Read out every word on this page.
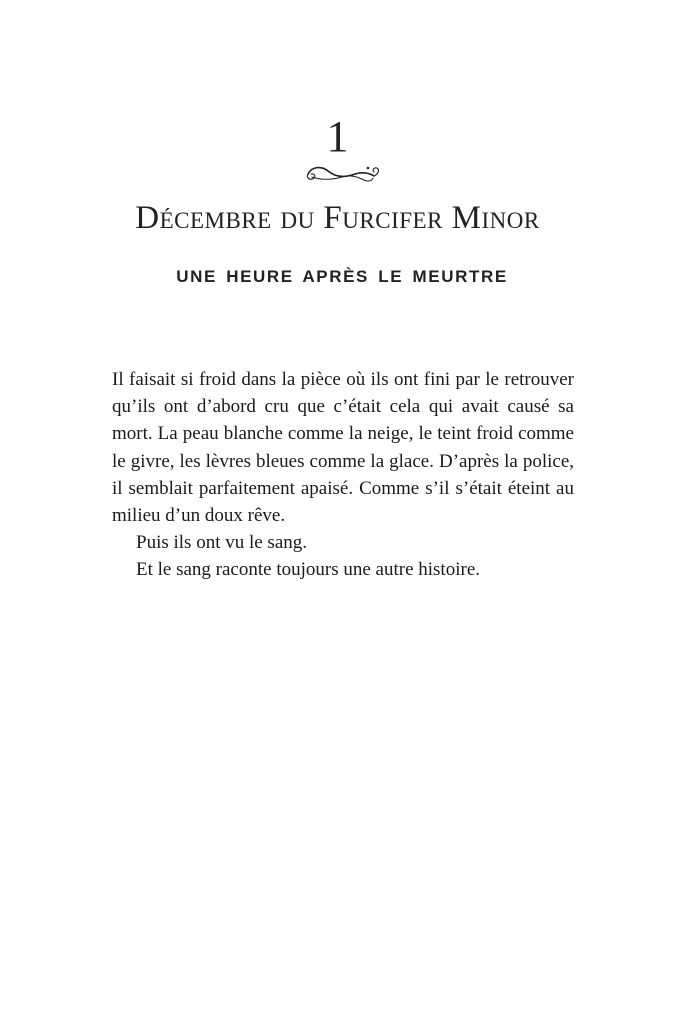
1
Décembre du Furcifer Minor
UNE HEURE APRÈS LE MEURTRE

Il faisait si froid dans la pièce où ils ont fini par le retrouver qu’ils ont d’abord cru que c’était cela qui avait causé sa mort. La peau blanche comme la neige, le teint froid comme le givre, les lèvres bleues comme la glace. D’après la police, il semblait parfaitement apaisé. Comme s’il s’était éteint au milieu d’un doux rêve.

Puis ils ont vu le sang.

Et le sang raconte toujours une autre histoire.
